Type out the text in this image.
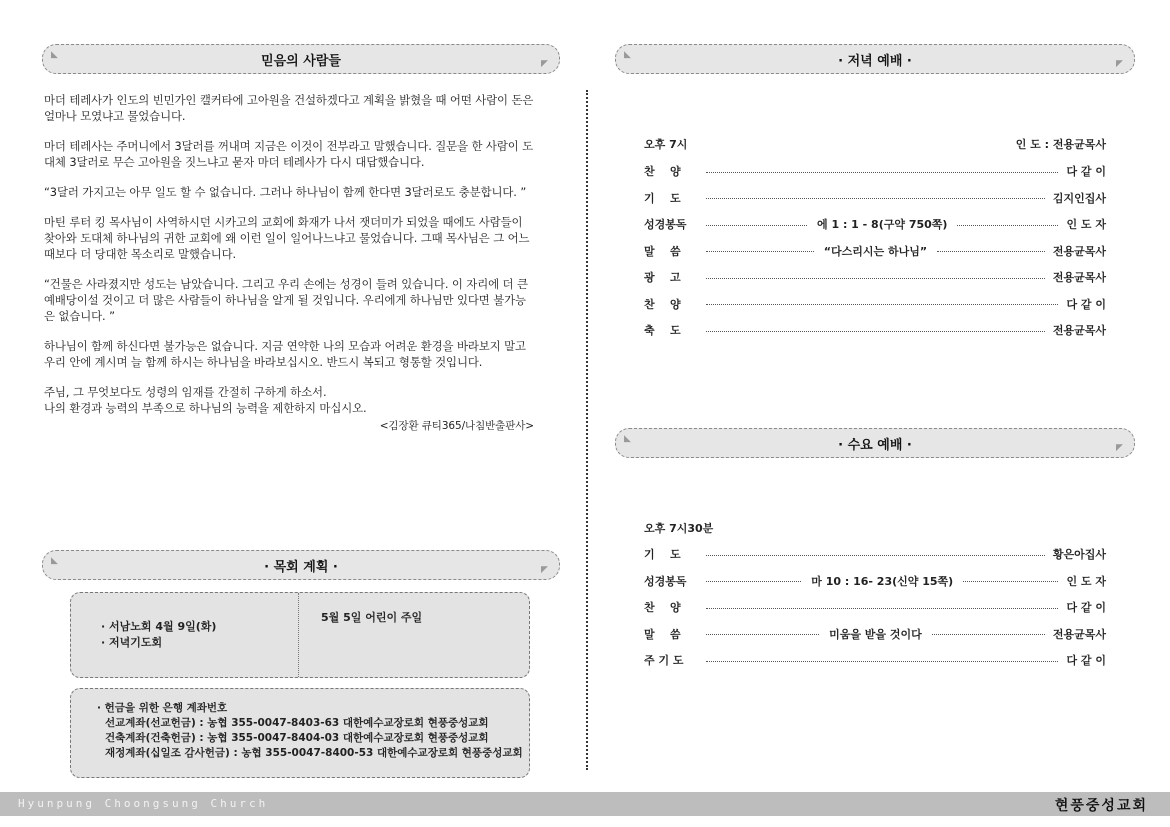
◣	믿음의 사람들	◤

마더 테레사가 인도의 빈민가인 캘커타에 고아원을 건설하겠다고 계획을 밝혔을 때 어떤 사람이 돈은 얼마나 모였냐고 물었습니다.

마더 테레사는 주머니에서 3달러를 꺼내며 지금은 이것이 전부라고 말했습니다. 질문을 한 사람이 도대체 3달러로 무슨 고아원을 짓느냐고 묻자 마더 테레사가 다시 대답했습니다.

“3달러 가지고는 아무 일도 할 수 없습니다. 그러나 하나님이 함께 한다면 3달러로도 충분합니다. ”

마틴 루터 킹 목사님이 사역하시던 시카고의 교회에 화재가 나서 잿더미가 되었을 때에도 사람들이 찾아와 도대체 하나님의 귀한 교회에 왜 이런 일이 일어나느냐고 물었습니다. 그때 목사님은 그 어느 때보다 더 당대한 목소리로 말했습니다.

“건물은 사라졌지만 성도는 남았습니다. 그리고 우리 손에는 성경이 들려 있습니다. 이 자리에 더 큰 예배당이설 것이고 더 많은 사람들이 하나님을 알게 될 것입니다. 우리에게 하나님만 있다면 불가능은 없습니다. ”

하나님이 함께 하신다면 불가능은 없습니다. 지금 연약한 나의 모습과 어려운 환경을 바라보지 말고 우리 안에 계시며 늘 함께 하시는 하나님을 바라보십시오. 반드시 복되고 형통할 것입니다.

주님, 그 무엇보다도 성령의 임재를 간절히 구하게 하소서.
나의 환경과 능력의 부족으로 하나님의 능력을 제한하지 마십시오.

<김장환 큐티365/나침반출판사>

◣	· 목회 계획 ·	◤
· 서남노회 4월 9일(화)
· 저녁기도회
5월 5일 어린이 주일
· 헌금을 위한 은행 계좌번호
선교계좌(선교헌금) : 농협 355-0047-8403-63 대한예수교장로회 현풍중성교회
건축계좌(건축헌금) : 농협 355-0047-8404-03 대한예수교장로회 현풍중성교회
재정계좌(십일조 감사헌금) : 농협 355-0047-8400-53 대한예수교장로회 현풍중성교회
◣	· 저녁 예배 ·	◤
오후 7시	인 도 : 전용균목사
찬    양	다 같 이
기    도	김지인집사
성경봉독	에 1 : 1 - 8(구약 750쪽)	인 도 자
말    씀	“다스리시는 하나님”	전용균목사
광    고	전용균목사
찬    양	다 같 이
축    도	전용균목사
◣	· 수요 예배 ·	◤
오후 7시30분
기    도	황은아집사
성경봉독	마 10 : 16- 23(신약 15쪽)	인 도 자
찬    양	다 같 이
말    씀	미움을 받을 것이다	전용균목사
주 기 도	다 같 이
Hyunpung Choongsung Church	현풍중성교회
